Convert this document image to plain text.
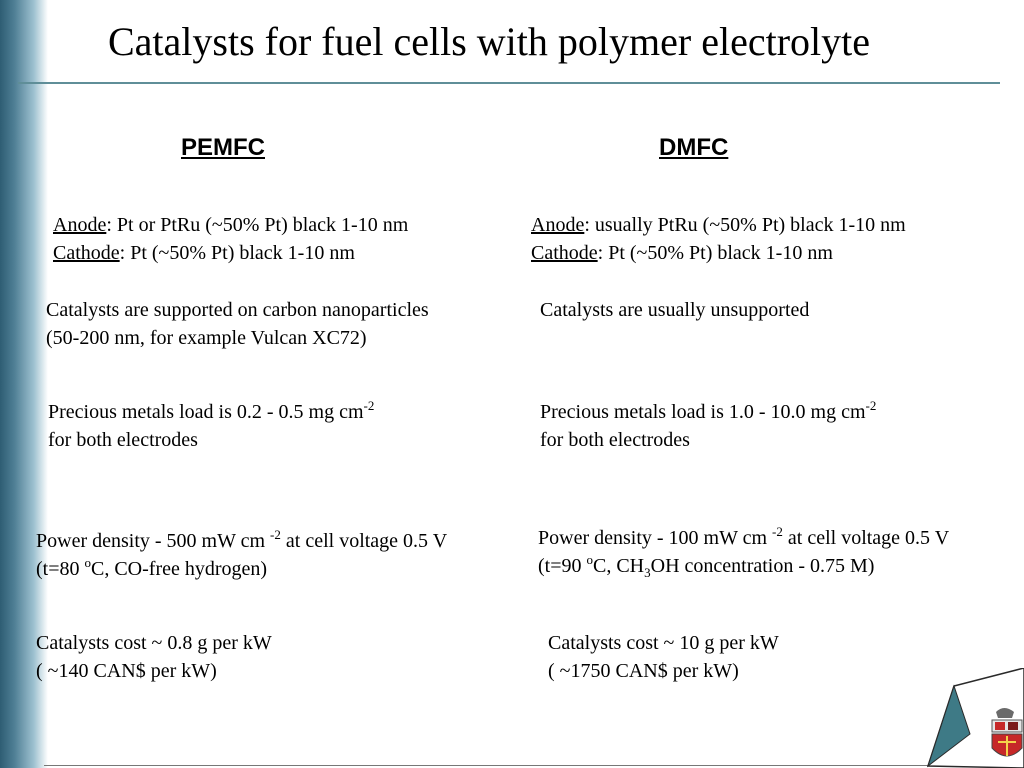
Catalysts for fuel cells with polymer electrolyte
PEMFC
Anode: Pt or PtRu (~50% Pt) black 1-10 nm
Cathode: Pt (~50% Pt) black 1-10 nm
Catalysts are supported on carbon nanoparticles
(50-200 nm, for example Vulcan XC72)
Precious metals load is 0.2 - 0.5 mg $cm^{-2}$
for both electrodes
Power density - 500 mW cm $^{-2}$ at cell voltage 0.5 V
(t=80 $^o$C, CO-free hydrogen)
Catalysts cost ~ 0.8 g per kW
( ~140 CAN$ per kW)
DMFC
Anode: usually PtRu (~50% Pt) black 1-10 nm
Cathode: Pt (~50% Pt) black 1-10 nm
Catalysts are usually unsupported
Precious metals load is 1.0 - 10.0 mg $cm^{-2}$
for both electrodes
Power density - 100 mW cm $^{-2}$ at cell voltage 0.5 V
(t=90 $^o$C, $CH_3OH$ concentration - 0.75 M)
Catalysts cost ~ 10 g per kW
( ~1750 CAN$ per kW)
